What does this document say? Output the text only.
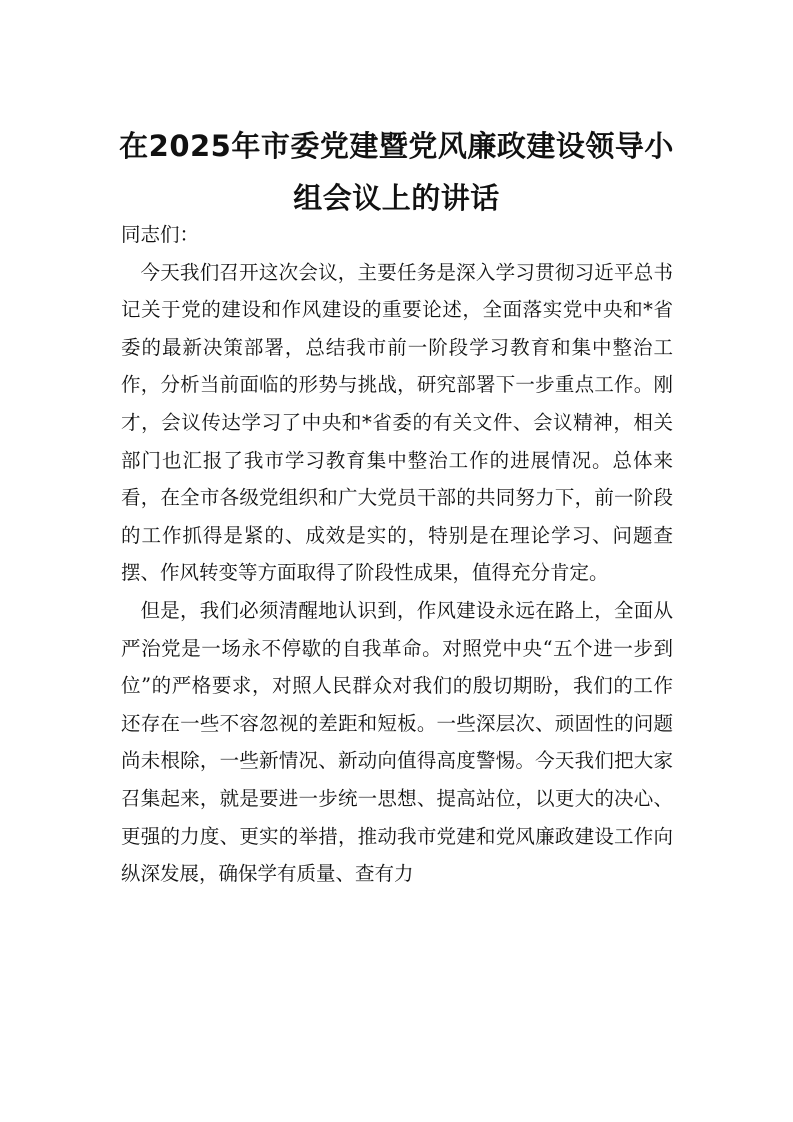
在2025年市委党建暨党风廉政建设领导小组会议上的讲话

同志们：

今天我们召开这次会议，主要任务是深入学习贯彻习近平总书记关于党的建设和作风建设的重要论述，全面落实党中央和*省委的最新决策部署，总结我市前一阶段学习教育和集中整治工作，分析当前面临的形势与挑战，研究部署下一步重点工作。刚才，会议传达学习了中央和*省委的有关文件、会议精神，相关部门也汇报了我市学习教育集中整治工作的进展情况。总体来看，在全市各级党组织和广大党员干部的共同努力下，前一阶段的工作抓得是紧的、成效是实的，特别是在理论学习、问题查摆、作风转变等方面取得了阶段性成果，值得充分肯定。

但是，我们必须清醒地认识到，作风建设永远在路上，全面从严治党是一场永不停歇的自我革命。对照党中央“五个进一步到位”的严格要求，对照人民群众对我们的殷切期盼，我们的工作还存在一些不容忽视的差距和短板。一些深层次、顽固性的问题尚未根除，一些新情况、新动向值得高度警惕。今天我们把大家召集起来，就是要进一步统一思想、提高站位，以更大的决心、更强的力度、更实的举措，推动我市党建和党风廉政建设工作向纵深发展，确保学有质量、查有力
